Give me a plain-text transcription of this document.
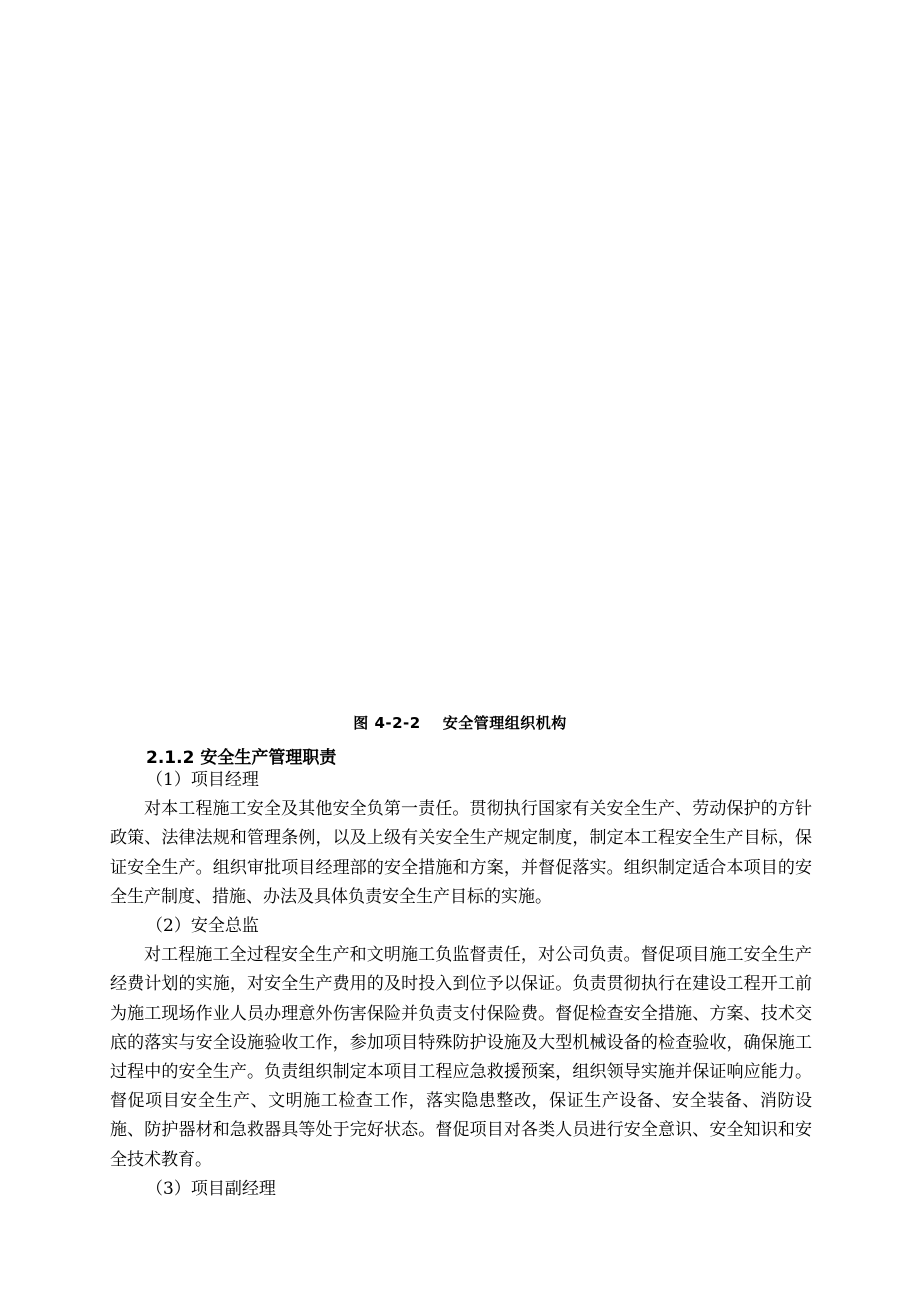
图 4-2-2 安全管理组织机构
2.1.2 安全生产管理职责

（1）项目经理

对本工程施工安全及其他安全负第一责任。贯彻执行国家有关安全生产、劳动保护的方针政策、法律法规和管理条例，以及上级有关安全生产规定制度，制定本工程安全生产目标，保证安全生产。组织审批项目经理部的安全措施和方案，并督促落实。组织制定适合本项目的安全生产制度、措施、办法及具体负责安全生产目标的实施。

（2）安全总监

对工程施工全过程安全生产和文明施工负监督责任，对公司负责。督促项目施工安全生产经费计划的实施，对安全生产费用的及时投入到位予以保证。负责贯彻执行在建设工程开工前为施工现场作业人员办理意外伤害保险并负责支付保险费。督促检查安全措施、方案、技术交底的落实与安全设施验收工作，参加项目特殊防护设施及大型机械设备的检查验收，确保施工过程中的安全生产。负责组织制定本项目工程应急救援预案，组织领导实施并保证响应能力。督促项目安全生产、文明施工检查工作，落实隐患整改，保证生产设备、安全装备、消防设施、防护器材和急救器具等处于完好状态。督促项目对各类人员进行安全意识、安全知识和安全技术教育。

（3）项目副经理
